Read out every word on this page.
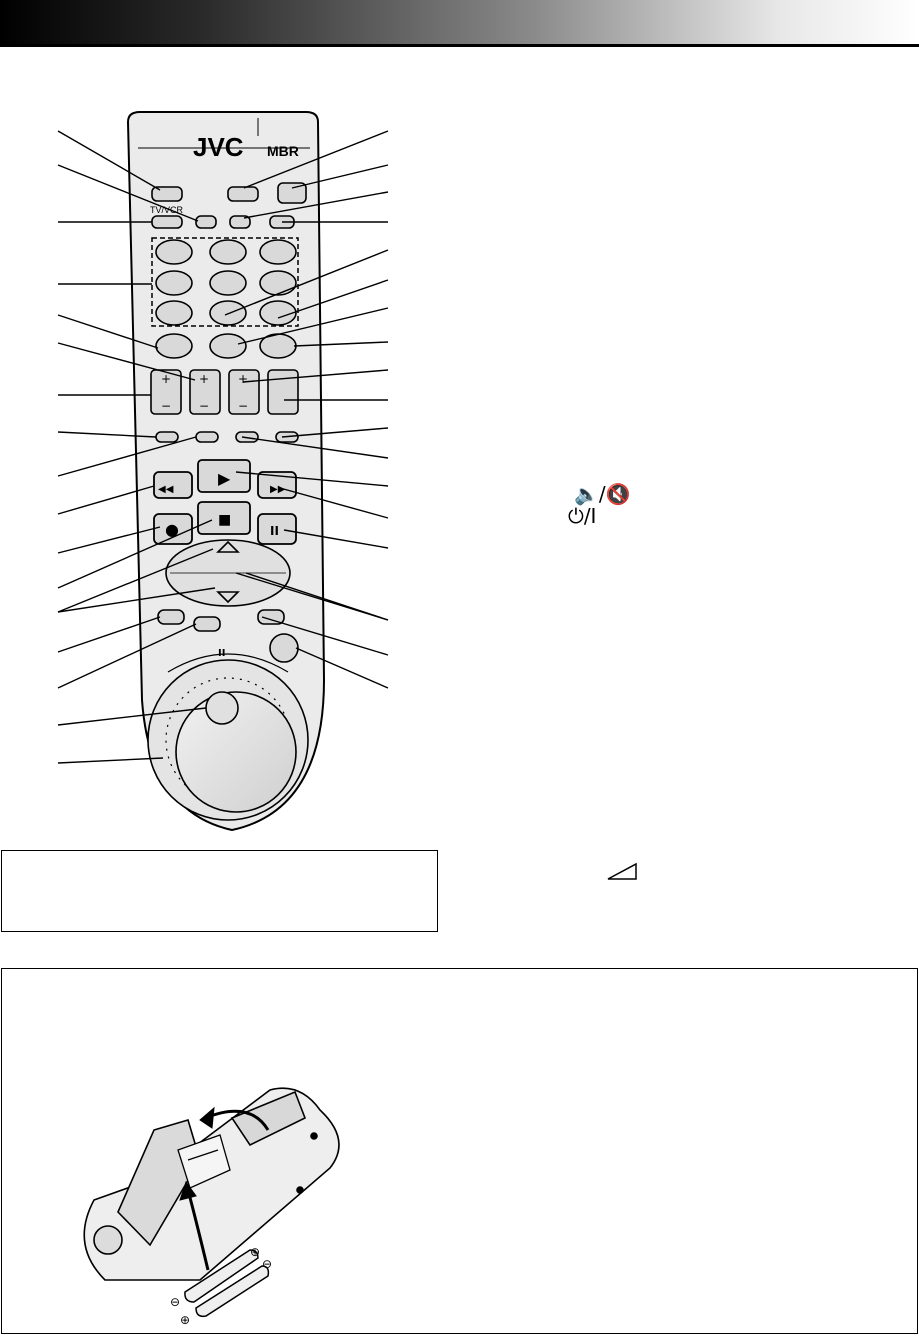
JVC MBR
TV/VCR
+ + +
− − −
▶
◀◀	▶▶
●	■
II
II
🔈/🔇
⏻/I
⊕
⊖
⊖
⊕
